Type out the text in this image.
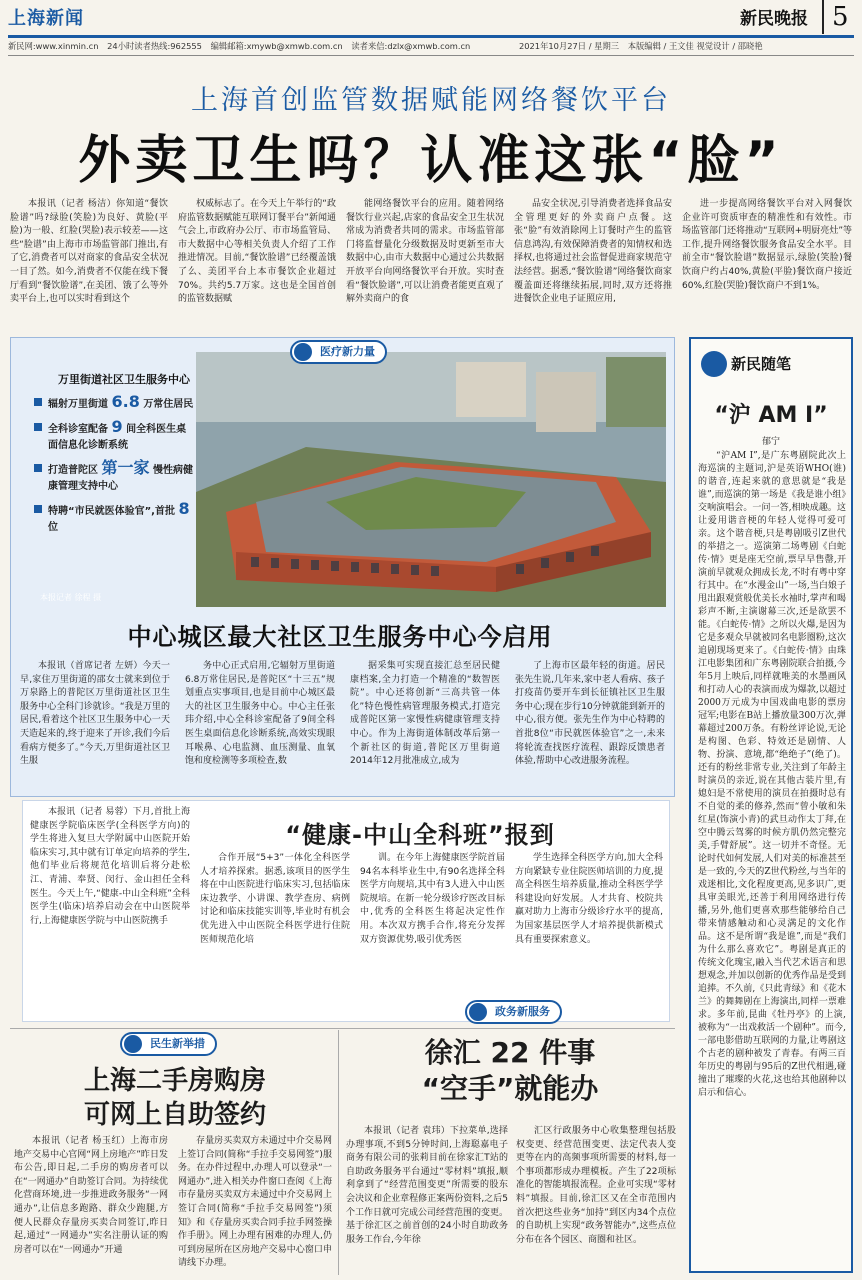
上海新闻	新民晚报 5
新民网:www.xinmin.cn 24小时读者热线:962555 编辑邮箱:xmywb@xmwb.com.cn 读者来信:dzlx@xmwb.com.cn	2021年10月27日 / 星期三 本版编辑 / 王文佳 视觉设计 / 邵晓艳
上海首创监管数据赋能网络餐饮平台
外卖卫生吗？认准这张“脸”

本报讯（记者 杨洁）你知道“餐饮脸谱”吗?绿脸(笑脸)为良好、黄脸(平脸)为一般、红脸(哭脸)表示较差——这些“脸谱”由上海市市场监管部门推出,有了它,消费者可以对商家的食品安全状况一目了然。如今,消费者不仅能在线下餐厅看到“餐饮脸谱”,在美团、饿了么等外卖平台上,也可以实时看到这个

权威标志了。在今天上午举行的“政府监管数据赋能互联网订餐平台”新闻通气会上,市政府办公厅、市市场监管局、市大数据中心等相关负责人介绍了工作推进情况。目前,“餐饮脸谱”已经覆盖饿了么、美团平台上本市餐饮企业超过70%。共约5.7万家。这也是全国首创的监管数据赋

能网络餐饮平台的应用。随着网络餐饮行业兴起,店家的食品安全卫生状况常成为消费者共同的需求。市场监管部门将监督量化分级数据及时更新至市大数据中心,由市大数据中心通过公共数据开放平台向网络餐饮平台开放。实时查看“餐饮脸谱”,可以让消费者能更直观了解外卖商户的食

品安全状况,引导消费者选择食品安全管理更好的外卖商户点餐。这张“脸”有效消除网上订餐时产生的监管信息鸿沟,有效保障消费者的知情权和选择权,也将通过社会监督促进商家规范守法经营。据悉,“餐饮脸谱”网络餐饮商家覆盖面还将继续拓展,同时,双方还将推进餐饮企业电子证照应用,

进一步提高网络餐饮平台对入网餐饮企业许可资质审查的精准性和有效性。市场监管部门还将推动“互联网+明厨亮灶”等工作,提升网络餐饮服务食品安全水平。目前全市“餐饮脸谱”数据显示,绿脸(笑脸)餐饮商户约占40%,黄脸(平脸)餐饮商户接近60%,红脸(哭脸)餐饮商户不到1%。

医疗新力量
万里街道社区卫生服务中心
辐射万里街道 6.8 万常住居民
全科诊室配备 9 间全科医生桌面信息化诊断系统
打造普陀区 第一家 慢性病健康管理支持中心
特聘“市民就医体验官”,首批 8 位
本报记者 徐程 摄
中心城区最大社区卫生服务中心今启用

本报讯（首席记者 左妍）今天一早,家住万里街道的邵女士就来到位于万泉路上的普陀区万里街道社区卫生服务中心全科门诊就诊。“我是万里的居民,看着这个社区卫生服务中心一天天造起来的,终于迎来了开诊,我们今后看病方便多了。”今天,万里街道社区卫生服

务中心正式启用,它辐射万里街道6.8万常住居民,是普陀区“十三五”规划重点实事项目,也是目前中心城区最大的社区卫生服务中心。中心主任张玮介绍,中心全科诊室配备了9间全科医生桌面信息化诊断系统,高效实现眼耳喉鼻、心电监测、血压测量、血氧饱和度检测等多项检查,数

据采集可实现直接汇总至居民健康档案,全力打造一个精准的“数智医院”。中心还将创新“三高共管一体化”特色慢性病管理服务模式,打造完成普陀区第一家慢性病健康管理支持中心。作为上海街道体制改革后第一个新社区的街道,普陀区万里街道2014年12月批准成立,成为

了上海市区最年轻的街道。居民张先生说,几年来,家中老人看病、孩子打疫苗仍要开车到长征镇社区卫生服务中心;现在步行10分钟就能到新开的中心,很方便。张先生作为中心特聘的首批8位“市民就医体验官”之一,未来将轮流查找医疗流程、跟踪反馈患者体验,帮助中心改进服务流程。

“健康-中山全科班”报到

本报讯（记者 易蓉）下月,首批上海健康医学院临床医学(全科医学方向)的学生将进入复旦大学附属中山医院开始临床实习,其中就有订单定向培养的学生,他们毕业后将规范化培训后将分赴松江、青浦、奉贤、闵行、金山担任全科医生。今天上午,“健康-中山全科班”全科医学生(临床)培养启动会在中山医院举行,上海健康医学院与中山医院携手

合作开展“5+3”一体化全科医学人才培养探索。据悉,该项目的医学生将在中山医院进行临床实习,包括临床床边教学、小讲课、教学查房、病例讨论和临床技能实训等,毕业时有机会优先进入中山医院全科医学进行住院医师规范化培

训。在今年上海健康医学院首届94名本科毕业生中,有90名选择全科医学方向规培,其中有3人进入中山医院规培。在新一轮分级诊疗医改目标中,优秀的全科医生将起决定性作用。本次双方携手合作,将充分发挥双方资源优势,吸引优秀医

学生选择全科医学方向,加大全科方向紧缺专业住院医师培训的力度,提高全科医生培养质量,推动全科医学学科建设向好发展。人才共育、校院共赢对助力上海市分级诊疗水平的提高,为国家基层医学人才培养提供新模式具有重要探索意义。

民生新举措
上海二手房购房
可网上自助签约

本报讯（记者 杨玉红）上海市房地产交易中心官网“网上房地产”昨日发布公告,即日起,二手房的购房者可以在“一网通办”自助签订合同。为持续优化营商环境,进一步推进政务服务“一网通办”,让信息多跑路、群众少跑腿,方便人民群众存量房买卖合同签订,昨日起,通过“一网通办”实名注册认证的购房者可以在“一网通办”开通

存量房买卖双方未通过中介交易网上签订合同(简称“手拉手交易网签”)服务。在办件过程中,办理人可以登录“一网通办”,进入相关办件窗口查阅《上海市存量房买卖双方未通过中介交易网上签订合同(简称“手拉手交易网签”)须知》和《存量房买卖合同手拉手网签操作手册》。网上办理有困难的办理人,仍可到房屋所在区房地产交易中心窗口申请线下办理。

政务新服务
徐汇 22 件事
“空手”就能办

本报讯（记者 袁玮）下拉菜单,选择办理事项,不到5分钟时间,上海聪嘉电子商务有限公司的张莉目前在徐家汇T站的自助政务服务平台通过“零材料”填报,顺利拿到了“经营范围变更”所需要的股东会决议和企业章程修正案两份资料,之后5个工作日就可完成公司经营范围的变更。基于徐汇区之前首创的24小时自助政务服务工作台,今年徐

汇区行政服务中心收集整理包括股权变更、经营范围变更、法定代表人变更等在内的高频事项所需要的材料,每一个事项都形成办理模板。产生了22项标准化的智能填报流程。企业可实现“零材料”填报。目前,徐汇区又在全市范围内首次把这些业务“加持”到区内34个点位的自助机上实现“政务智能办”,这些点位分布在各个园区、商圈和社区。

新民随笔
“沪 AM I”
郁宁

“沪AM I”,是广东粤剧院此次上海巡演的主题词,沪是英语WHO(谁)的谐音,连起来就的意思就是“我是谁”,而巡演的第一场是《我是谁小组》交响演唱会。一问一答,相映成趣。这让爱用谐音梗的年轻人觉得可爱可亲。这个谐音梗,只是粤剧吸引Z世代的举措之一。巡演第二场粤剧《白蛇传·情》更是座无空前,票早早售罄,开演前早就观众拥成长龙,不时有粤中穿行其中。在“水漫金山”一场,当白娘子甩出跟观赏般优美长水袖时,掌声和喝彩声不断,主演谢幕三次,还是欲罢不能。《白蛇传·情》之所以火爆,是因为它是多观众早就被同名电影圈粉,这次追剧现场更来了。《白蛇传·情》由珠江电影集团和广东粤剧院联合拍摄,今年5月上映后,同样就唯美的水墨画风和打动人心的表演而成为爆款,以超过2000万元成为中国戏曲电影的票房冠军;电影在B站上播放量300万次,弹幕超过200万条。有粉丝评论说,无论是构图、色彩、特效还是剧情、人物、扮演、意境,都“绝绝子”(绝了)。还有的粉丝非常专业,关注到了年龄主时演员的亲近,说在其他古装片里,有媳妇是不常使用的演员在拍摄时总有不自觉的柔的修养,然而“曾小敏和朱红星(饰演小青)的武旦动作太丁拜,在空中腾云驾雾的时候方肌仍然完整完美,手臂舒展”。这一切并不奇怪。无论时代如何发展,人们对美的标准甚至是一致的,今天的Z世代粉丝,与当年的戏迷相比,文化程度更高,见多识广,更具审美眼光,还善于利用网络进行传播,另外,他们更喜欢那些能够给自己带来情感触动和心灵满足的文化作品。这不是所谓“我是谁”,而是“我们为什么那么喜欢它”。粤剧是真正的传统文化瑰宝,融入当代艺术语言和思想观念,并加以创新的优秀作品是受到追捧。不久前,《只此青绿》和《花木兰》的舞舞剧在上海演出,同样一票难求。多年前,昆曲《牡丹亭》的上演,被称为“一出戏救活一个剧种”。而今,一部电影借助互联网的力量,让粤剧这个古老的剧种被发了青春。有两三百年历史的粤剧与95后的Z世代相遇,碰撞出了璀璨的火花,这也给其他剧种以启示和信心。
